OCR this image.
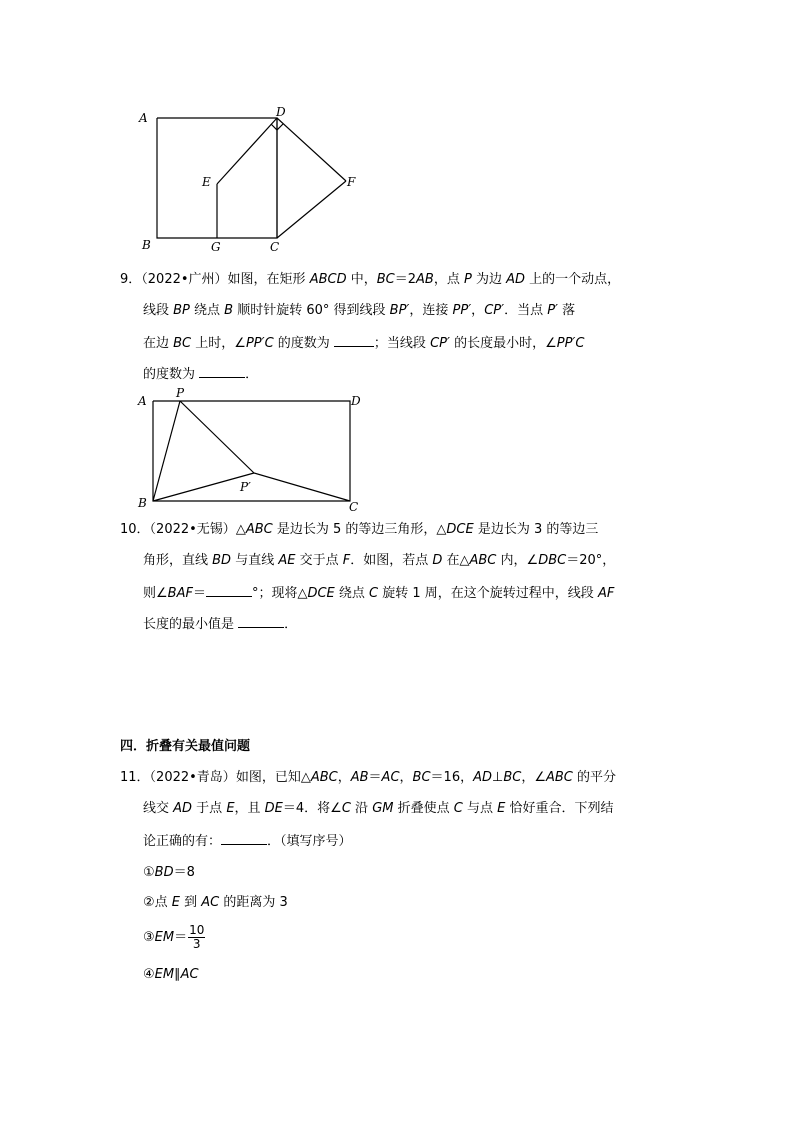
A	D
E	F
B	G	C
9．（2022•广州）如图，在矩形 ABCD 中，BC＝2AB，点 P 为边 AD 上的一个动点，
线段 BP 绕点 B 顺时针旋转 60° 得到线段 BP′，连接 PP′，CP′．当点 P′ 落
在边 BC 上时，∠PP′C 的度数为	；当线段 CP′ 的长度最小时，∠PP′C
的度数为	．
A
P
D
P′
B	C
10．（2022•无锡）△ABC 是边长为 5 的等边三角形，△DCE 是边长为 3 的等边三
角形，直线 BD 与直线 AE 交于点 F．如图，若点 D 在△ABC 内，∠DBC＝20°，
则∠BAF＝	°；现将△DCE 绕点 C 旋转 1 周，在这个旋转过程中，线段 AF
长度的最小值是	．
四．折叠有关最值问题
11．（2022•青岛）如图，已知△ABC，AB＝AC，BC＝16，AD⊥BC，∠ABC 的平分
线交 AD 于点 E，且 DE＝4．将∠C 沿 GM 折叠使点 C 与点 E 恰好重合．下列结
论正确的有：	．（填写序号）
①BD＝8
②点 E 到 AC 的距离为 3
③EM＝ $\frac{10}{3}$
④EM∥AC
